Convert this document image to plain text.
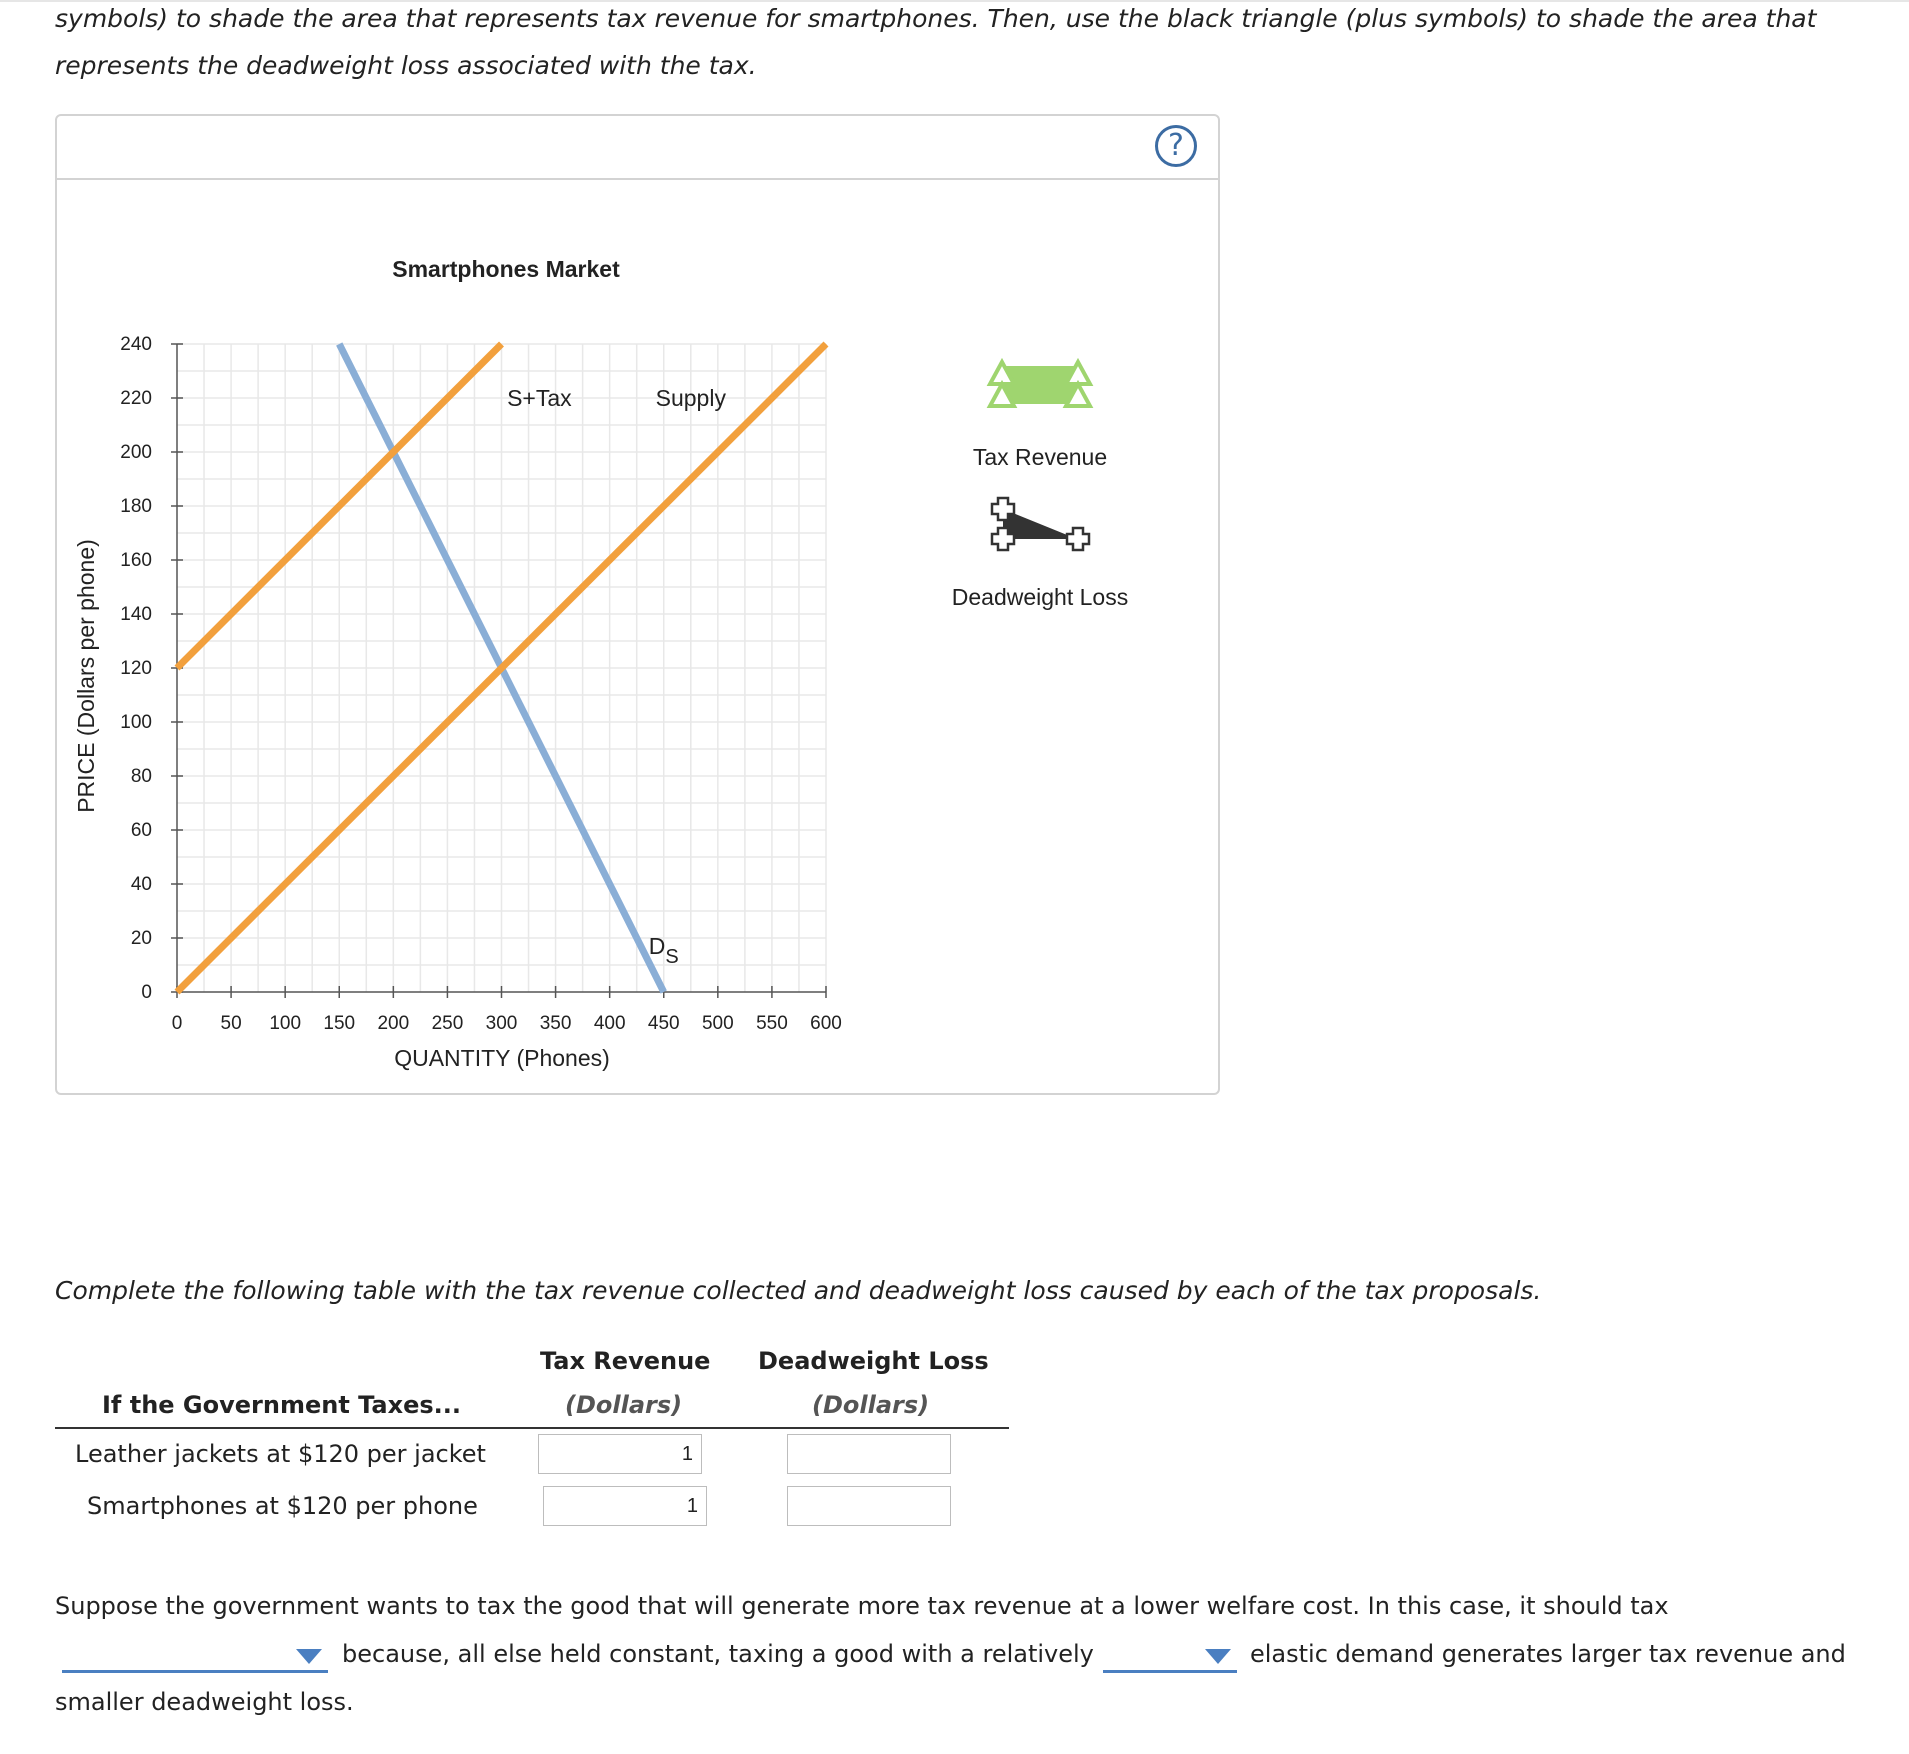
symbols) to shade the area that represents tax revenue for smartphones. Then, use the black triangle (plus symbols) to shade the area that
represents the deadweight loss associated with the tax.
?
Smartphones Market
0 50 100 150 200 250 300 350 400 450 500 550 600
0
20
40
60
80
100
120
140
160
180
200
220
240
S+Tax	Supply
DS
QUANTITY (Phones)
PRICE (Dollars per phone)
Tax Revenue
Deadweight Loss
Complete the following table with the tax revenue collected and deadweight loss caused by each of the tax proposals.
Tax Revenue
(Dollars)
Deadweight Loss
(Dollars)
If the Government Taxes...
Leather jackets at $120 per jacket
1
Smartphones at $120 per phone
1
Suppose the government wants to tax the good that will generate more tax revenue at a lower welfare cost. In this case, it should tax
because, all else held constant, taxing a good with a relatively	elastic demand generates larger tax revenue and
smaller deadweight loss.
